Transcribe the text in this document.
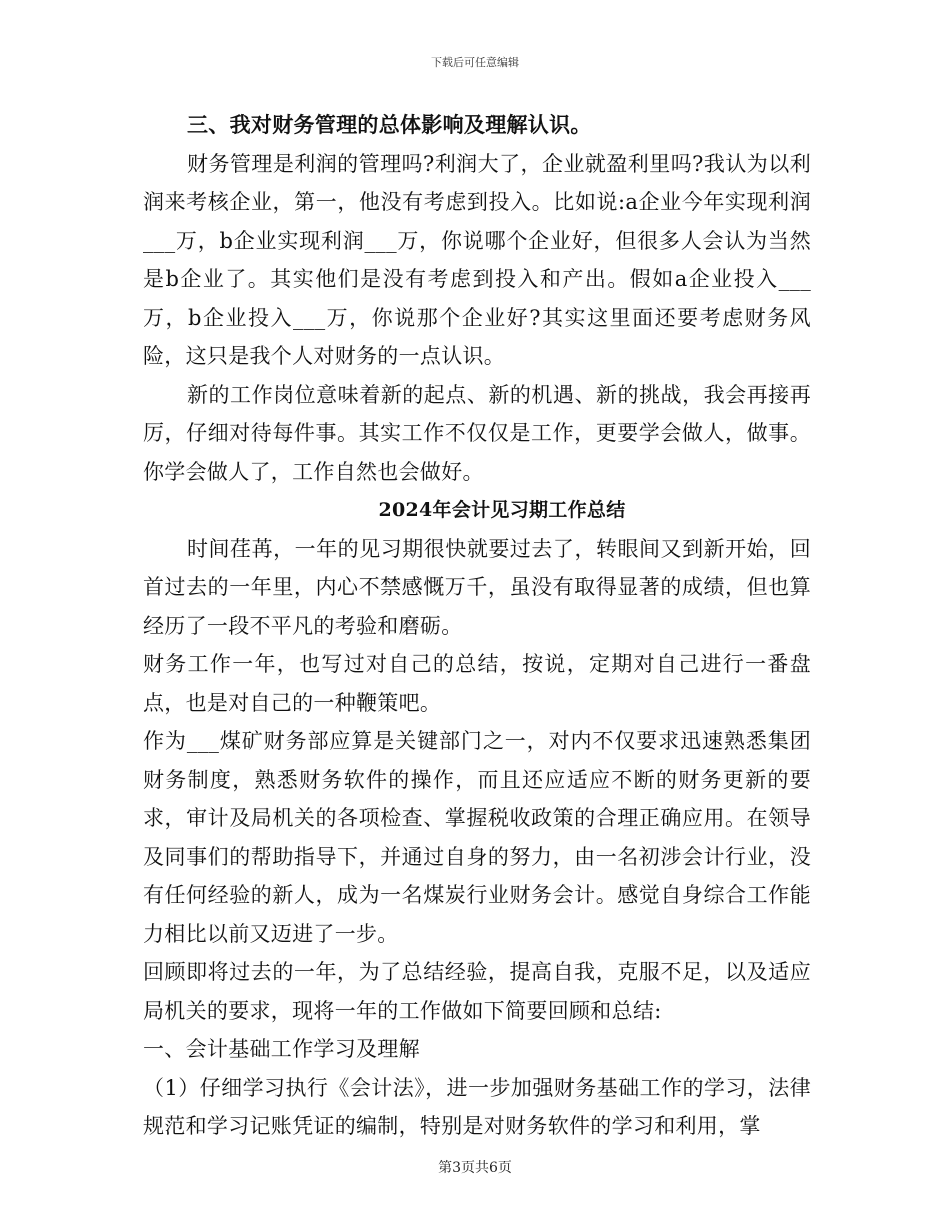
下载后可任意编辑

三、我对财务管理的总体影响及理解认识。

财务管理是利润的管理吗?利润大了，企业就盈利里吗?我认为以利润来考核企业，第一，他没有考虑到投入。比如说:a企业今年实现利润___万，b企业实现利润___万，你说哪个企业好，但很多人会认为当然是b企业了。其实他们是没有考虑到投入和产出。假如a企业投入___万，b企业投入___万，你说那个企业好?其实这里面还要考虑财务风险，这只是我个人对财务的一点认识。

新的工作岗位意味着新的起点、新的机遇、新的挑战，我会再接再厉，仔细对待每件事。其实工作不仅仅是工作，更要学会做人，做事。你学会做人了，工作自然也会做好。

2024年会计见习期工作总结

时间荏苒，一年的见习期很快就要过去了，转眼间又到新开始，回首过去的一年里，内心不禁感慨万千，虽没有取得显著的成绩，但也算经历了一段不平凡的考验和磨砺。

财务工作一年，也写过对自己的总结，按说，定期对自己进行一番盘点，也是对自己的一种鞭策吧。

作为___煤矿财务部应算是关键部门之一，对内不仅要求迅速熟悉集团财务制度，熟悉财务软件的操作，而且还应适应不断的财务更新的要求，审计及局机关的各项检查、掌握税收政策的合理正确应用。在领导及同事们的帮助指导下，并通过自身的努力，由一名初涉会计行业，没有任何经验的新人，成为一名煤炭行业财务会计。感觉自身综合工作能力相比以前又迈进了一步。

回顾即将过去的一年，为了总结经验，提高自我，克服不足，以及适应局机关的要求，现将一年的工作做如下简要回顾和总结:

一、会计基础工作学习及理解

（1）仔细学习执行《会计法》，进一步加强财务基础工作的学习，法律规范和学习记账凭证的编制，特别是对财务软件的学习和利用，掌

第3页共6页
